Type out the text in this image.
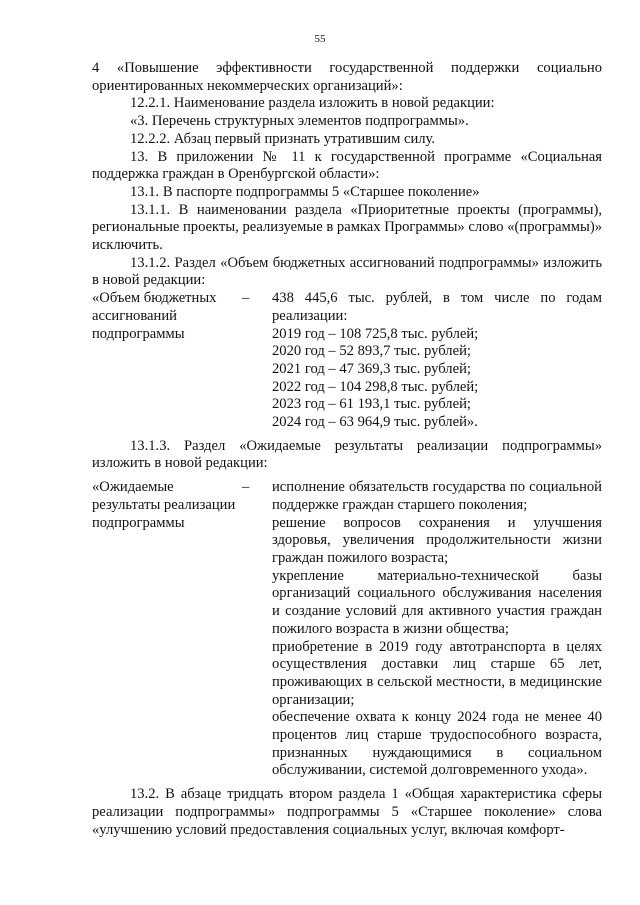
55

4 «Повышение эффективности государственной поддержки социально ориентированных некоммерческих организаций»:

12.2.1. Наименование раздела изложить в новой редакции:

«3. Перечень структурных элементов подпрограммы».

12.2.2. Абзац первый признать утратившим силу.

13. В приложении № 11 к государственной программе «Социальная поддержка граждан в Оренбургской области»:

13.1. В паспорте подпрограммы 5 «Старшее поколение»

13.1.1. В наименовании раздела «Приоритетные проекты (программы), региональные проекты, реализуемые в рамках Программы» слово «(программы)» исключить.

13.1.2. Раздел «Объем бюджетных ассигнований подпрограммы» изложить в новой редакции:

«Объем бюджетных ассигнований подпрограммы
–	438 445,6 тыс. рублей, в том числе по годам реализации:
2019 год – 108 725,8 тыс. рублей;
2020 год – 52 893,7 тыс. рублей;
2021 год – 47 369,3 тыс. рублей;
2022 год – 104 298,8 тыс. рублей;
2023 год – 61 193,1 тыс. рублей;
2024 год – 63 964,9 тыс. рублей».

13.1.3. Раздел «Ожидаемые результаты реализации подпрограммы» изложить в новой редакции:

«Ожидаемые результаты реализации подпрограммы
–	исполнение обязательств государства по социальной поддержке граждан старшего поколения;
решение вопросов сохранения и улучшения здоровья, увеличения продолжительности жизни граждан пожилого возраста;
укрепление материально-технической базы организаций социального обслуживания населения и создание условий для активного участия граждан пожилого возраста в жизни общества;
приобретение в 2019 году автотранспорта в целях осуществления доставки лиц старше 65 лет, проживающих в сельской местности, в медицинские организации;
обеспечение охвата к концу 2024 года не менее 40 процентов лиц старше трудоспособного возраста, признанных нуждающимися в социальном обслуживании, системой долговременного ухода».

13.2. В абзаце тридцать втором раздела 1 «Общая характеристика сферы реализации подпрограммы» подпрограммы 5 «Старшее поколение» слова «улучшению условий предоставления социальных услуг, включая комфорт-
